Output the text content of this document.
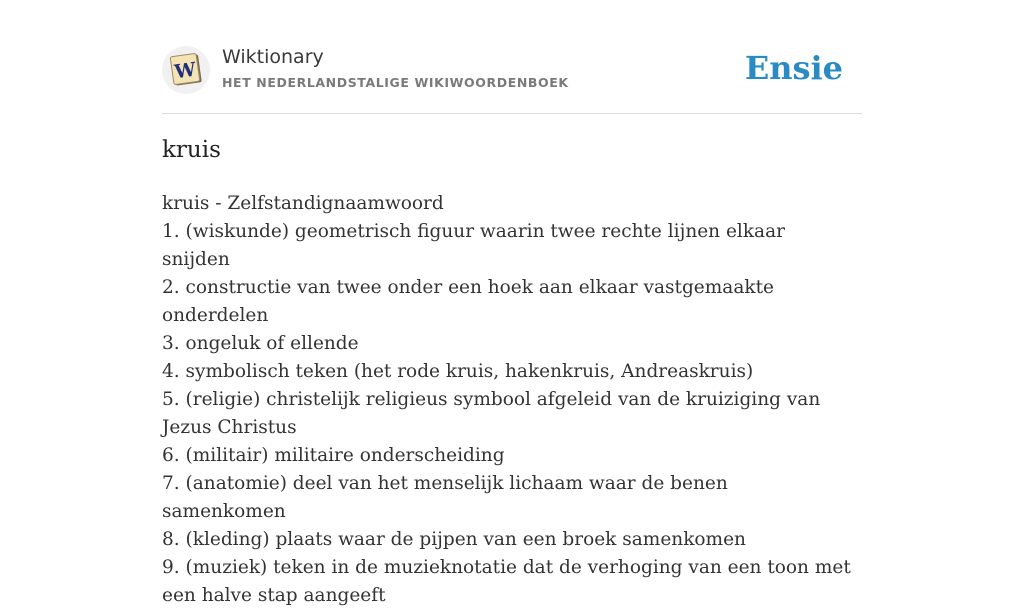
W
Wiktionary
HET NEDERLANDSTALIGE WIKIWOORDENBOEK	Ensie
kruis
kruis - Zelfstandignaamwoord
1. (wiskunde) geometrisch figuur waarin twee rechte lijnen elkaar snijden
2. constructie van twee onder een hoek aan elkaar vastgemaakte onderdelen
3. ongeluk of ellende
4. symbolisch teken (het rode kruis, hakenkruis, Andreaskruis)
5. (religie) christelijk religieus symbool afgeleid van de kruiziging van Jezus Christus
6. (militair) militaire onderscheiding
7. (anatomie) deel van het menselijk lichaam waar de benen samenkomen
8. (kleding) plaats waar de pijpen van een broek samenkomen
9. (muziek) teken in de muzieknotatie dat de verhoging van een toon met een halve stap aangeeft
